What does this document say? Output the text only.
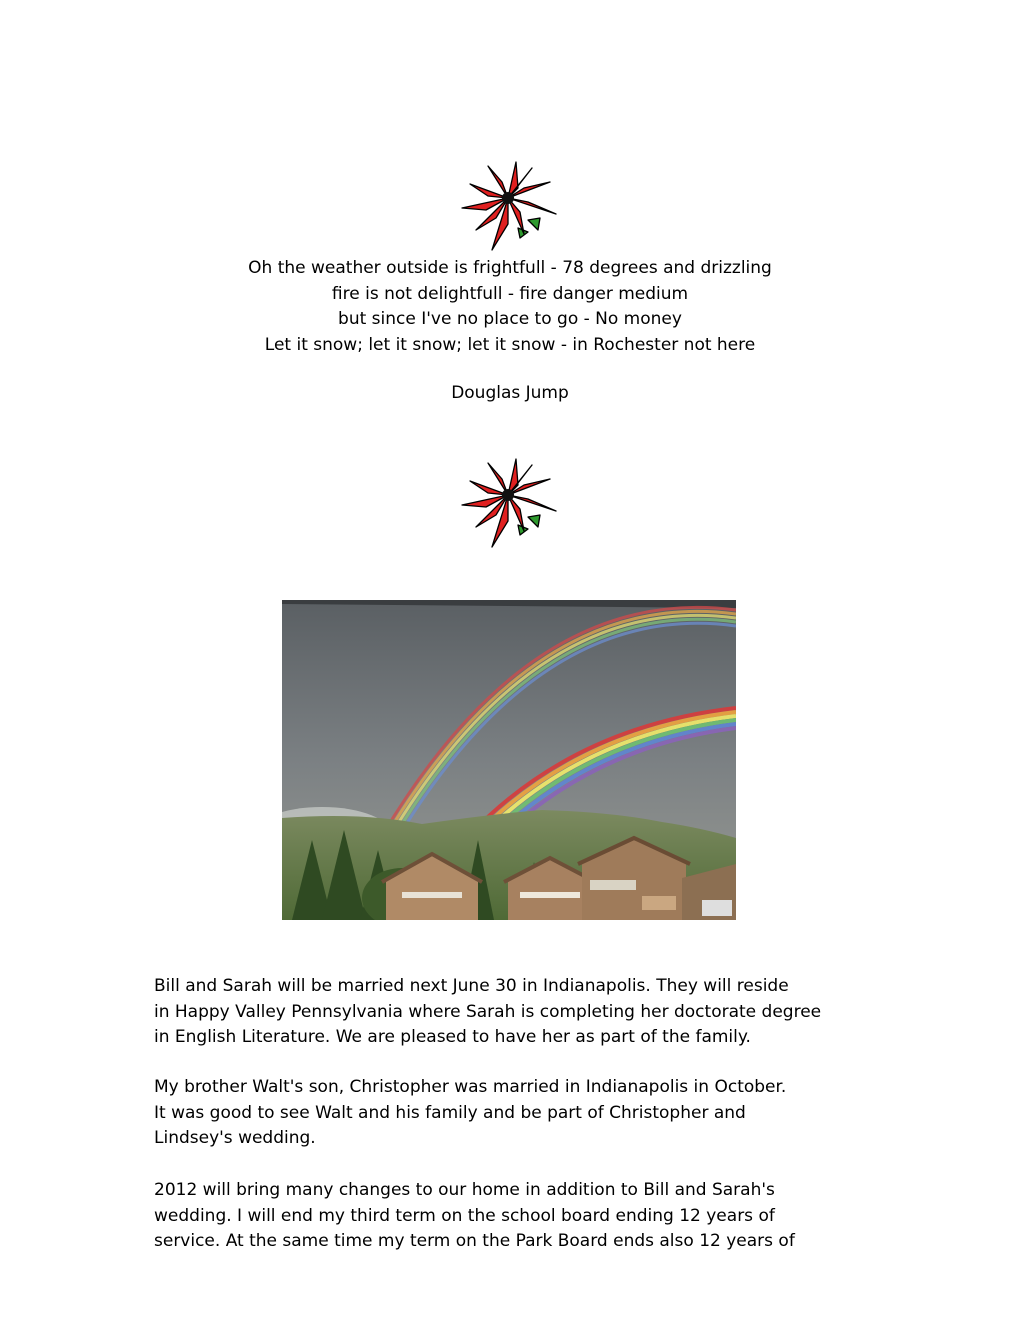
Oh the weather outside is frightfull - 78 degrees and drizzling
fire is not delightfull - fire danger medium
but since I've no place to go - No money
Let it snow; let it snow; let it snow - in Rochester not here
Douglas Jump
Bill and Sarah will be married next June 30 in Indianapolis. They will reside
in Happy Valley Pennsylvania where Sarah is completing her doctorate degree
in English Literature. We are pleased to have her as part of the family.
My brother Walt's son, Christopher was married in Indianapolis in October.
It was good to see Walt and his family and be part of Christopher and
Lindsey's wedding.
2012 will bring many changes to our home in addition to Bill and Sarah's
wedding. I will end my third term on the school board ending 12 years of
service. At the same time my term on the Park Board ends also 12 years of
